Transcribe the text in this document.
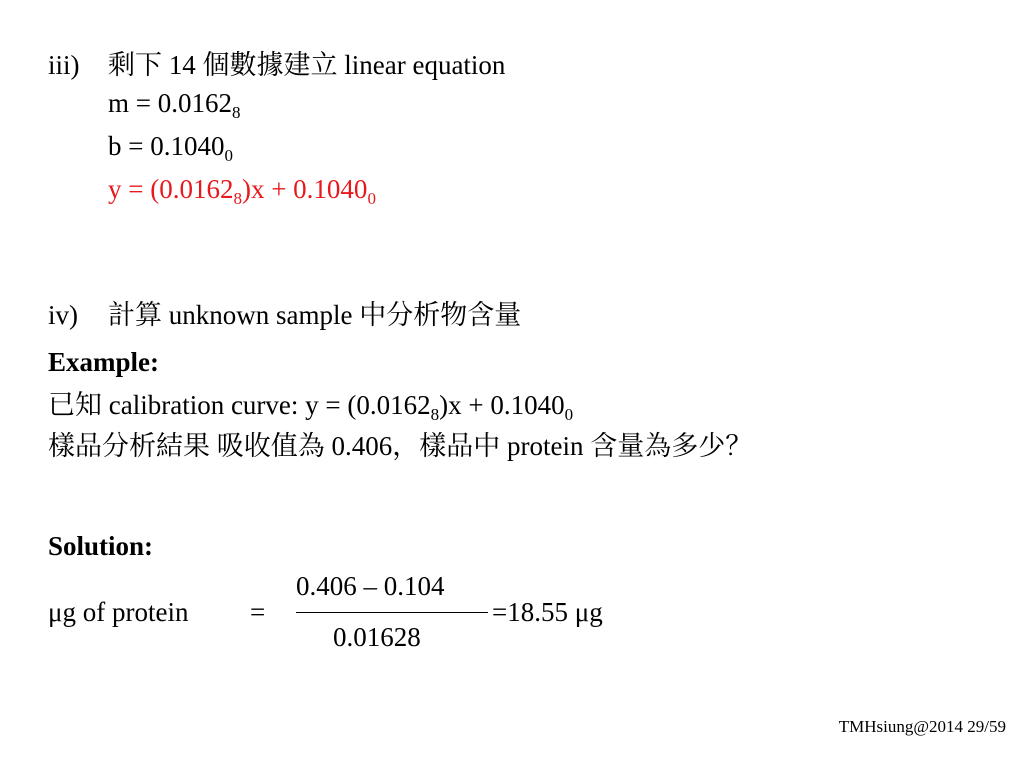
iii) 剩下 14 個數據建立 linear equation
$m = 0.0162_8$
$b = 0.1040_0$
$y = (0.0162_8)x + 0.1040_0$
iv) 計算 unknown sample 中分析物含量
Example:
已知 calibration curve: $y = (0.0162_8)x + 0.1040_0$
樣品分析結果 吸收值為 0.406，樣品中 protein 含量為多少？
Solution:
μg of protein =
0.406 – 0.104
0.01628
=18.55 μg
TMHsiung@2014 29/59
